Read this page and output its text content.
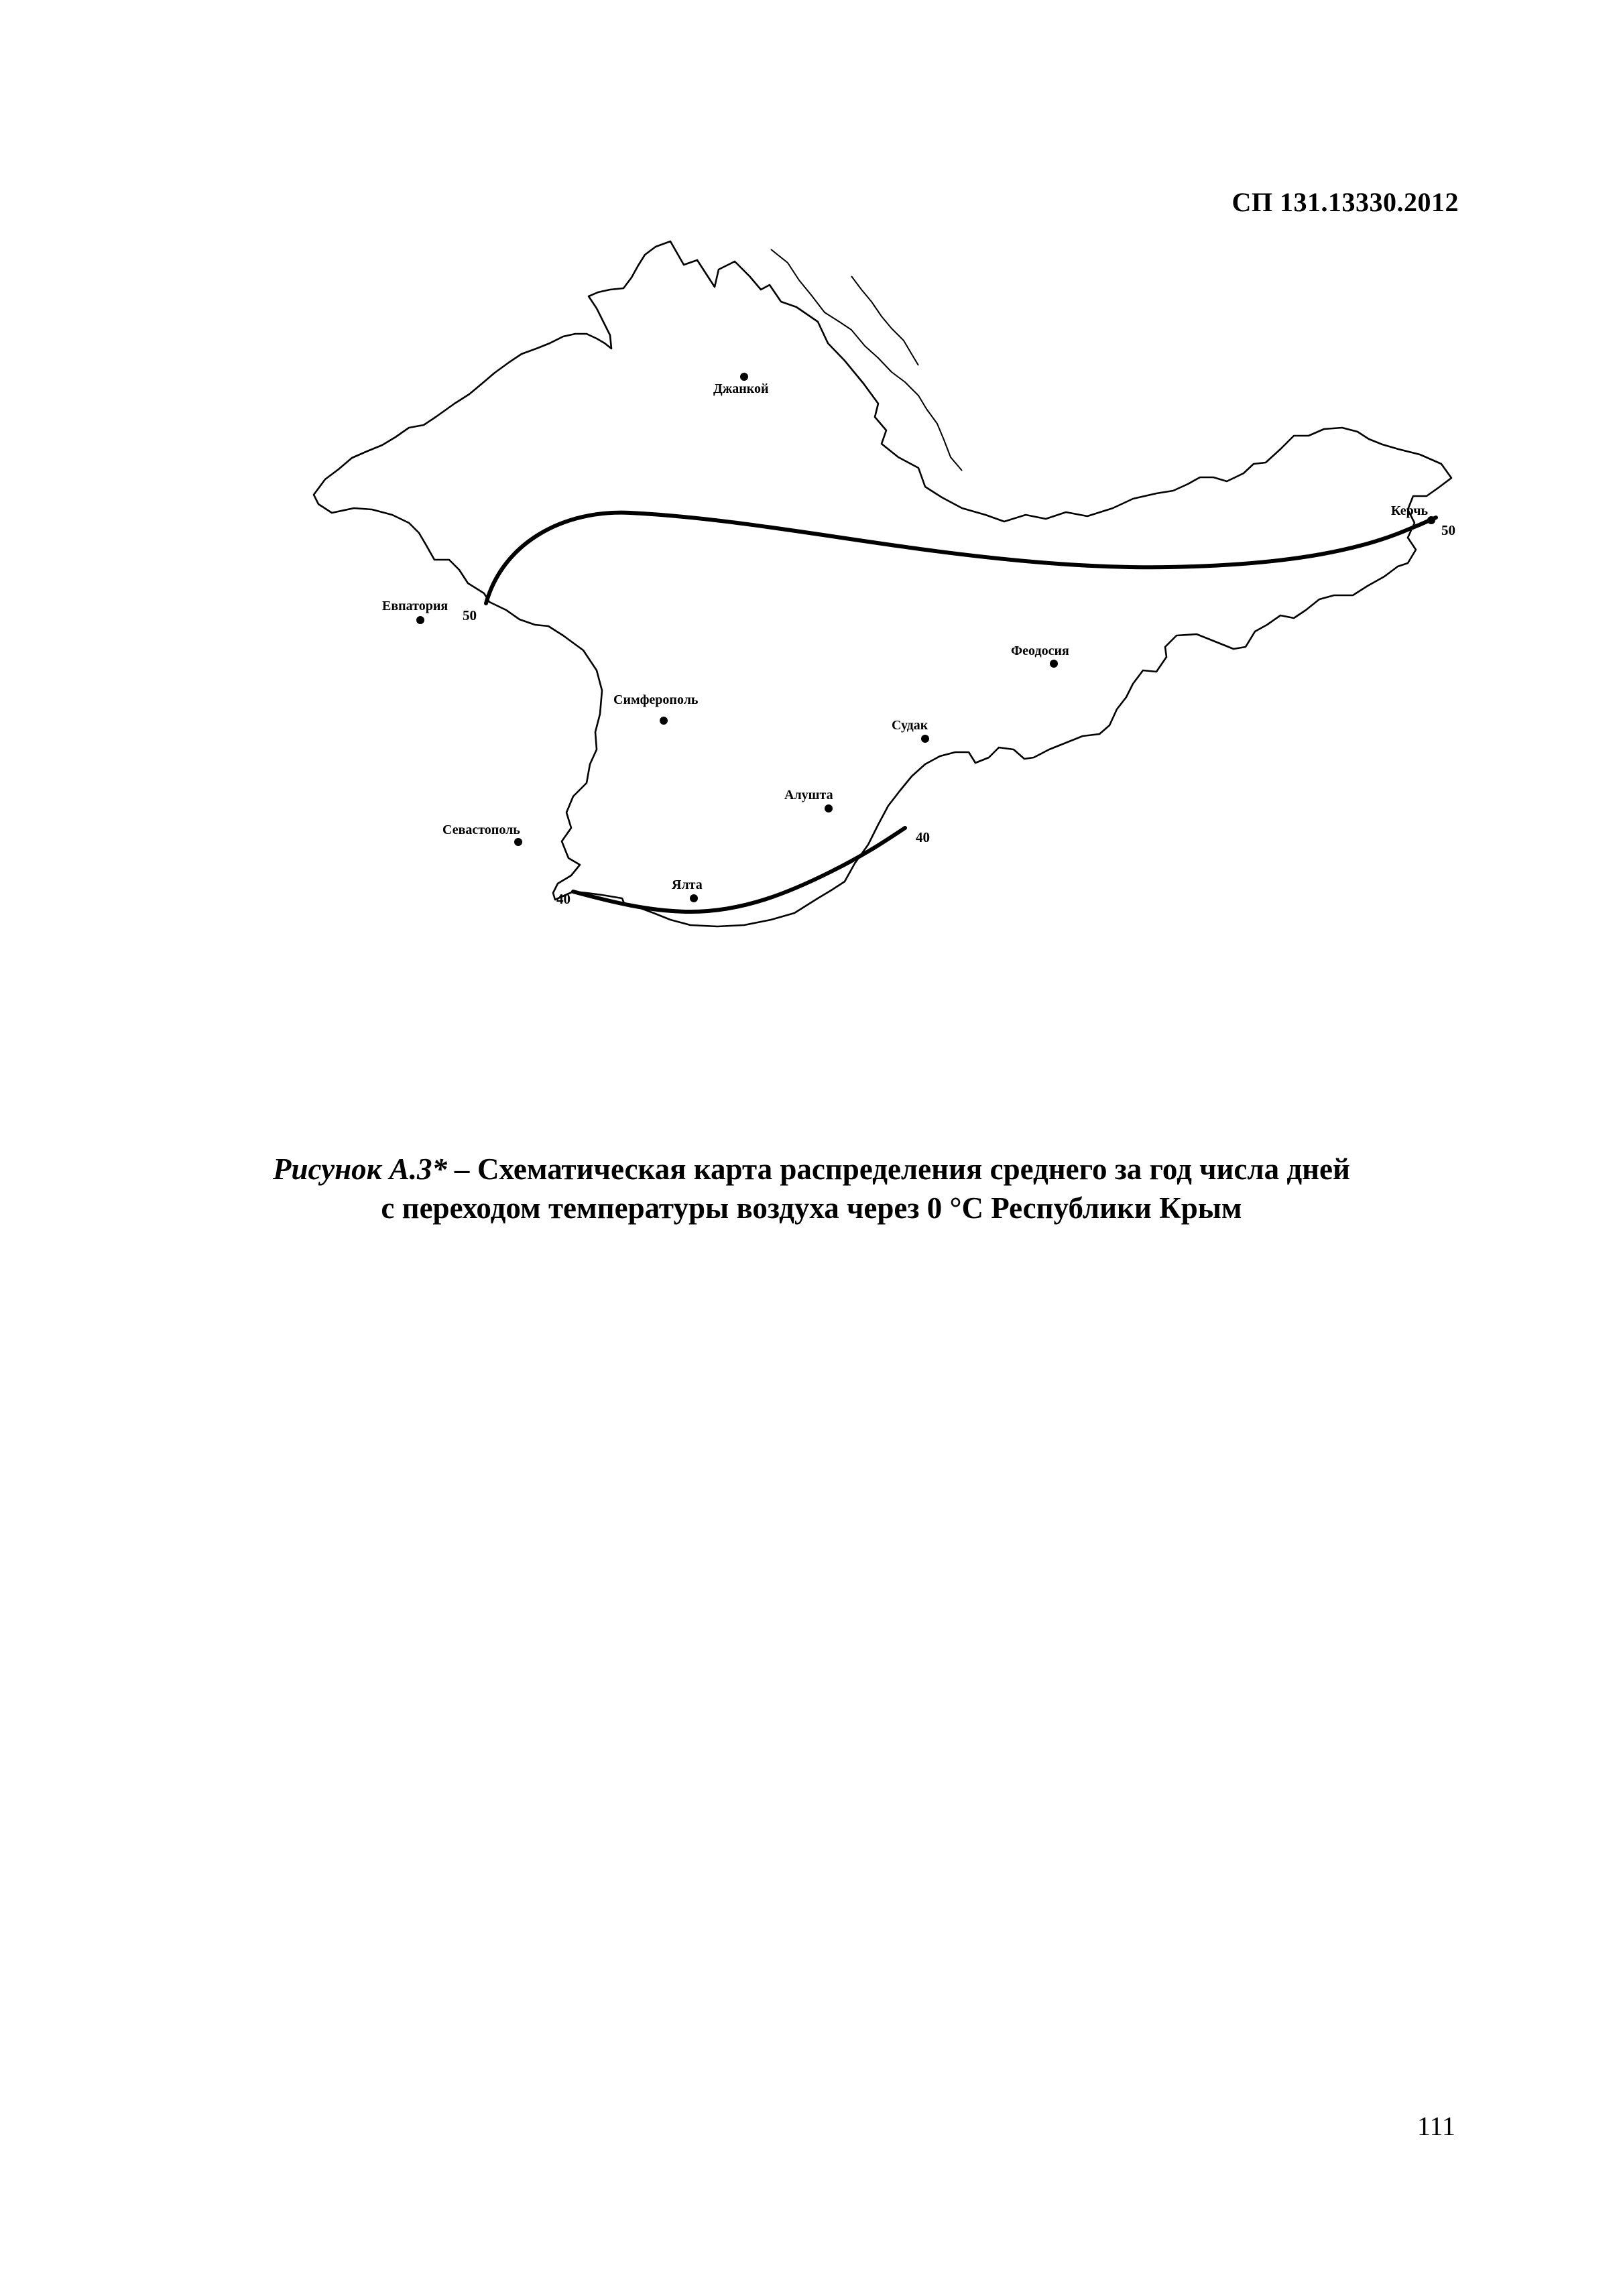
СП 131.13330.2012
50
50
40
40
Джанкой
Керчь
Евпатория
Феодосия
Симферополь
Судак
Алушта
Севастополь
Ялта
Рисунок А.3* – Схематическая карта распределения среднего за год числа дней
с переходом температуры воздуха через 0 °С Республики Крым
111
